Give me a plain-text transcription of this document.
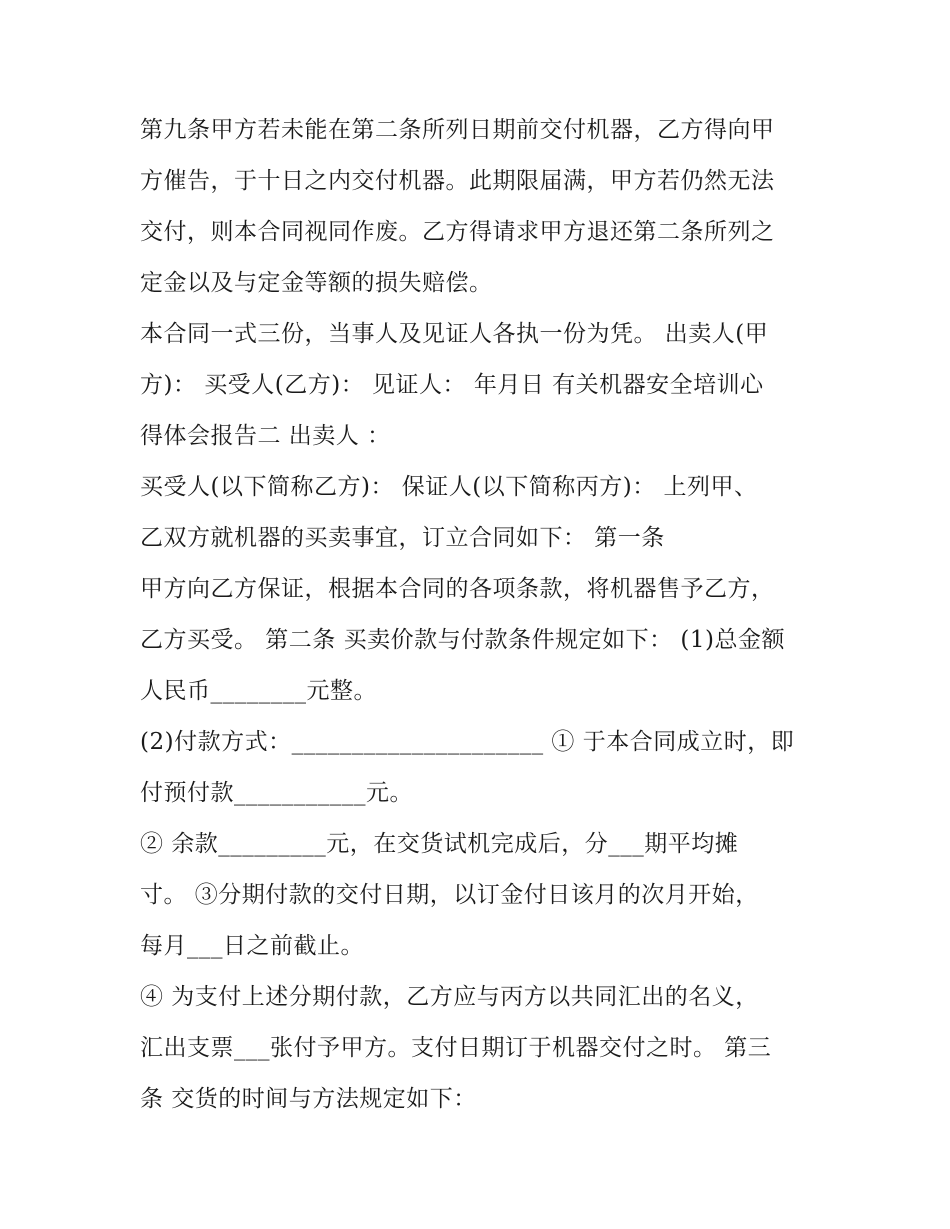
第九条甲方若未能在第二条所列日期前交付机器，乙方得向甲
方催告，于十日之内交付机器。此期限届满，甲方若仍然无法
交付，则本合同视同作废。乙方得请求甲方退还第二条所列之
定金以及与定金等额的损失赔偿。
本合同一式三份，当事人及见证人各执一份为凭。 出卖人(甲
方)： 买受人(乙方)： 见证人： 年月日 有关机器安全培训心
得体会报告二 出卖人 ：
买受人(以下简称乙方)： 保证人(以下简称丙方)： 上列甲、
乙双方就机器的买卖事宜，订立合同如下： 第一条
甲方向乙方保证，根据本合同的各项条款，将机器售予乙方，
乙方买受。 第二条 买卖价款与付款条件规定如下： (1)总金额
人民币________元整。
(2)付款方式：_____________________ ① 于本合同成立时，即
付预付款___________元。
② 余款_________元，在交货试机完成后，分___期平均摊
寸。 ③分期付款的交付日期，以订金付日该月的次月开始，
每月___日之前截止。
④ 为支付上述分期付款，乙方应与丙方以共同汇出的名义，
汇出支票___张付予甲方。支付日期订于机器交付之时。 第三
条 交货的时间与方法规定如下：
